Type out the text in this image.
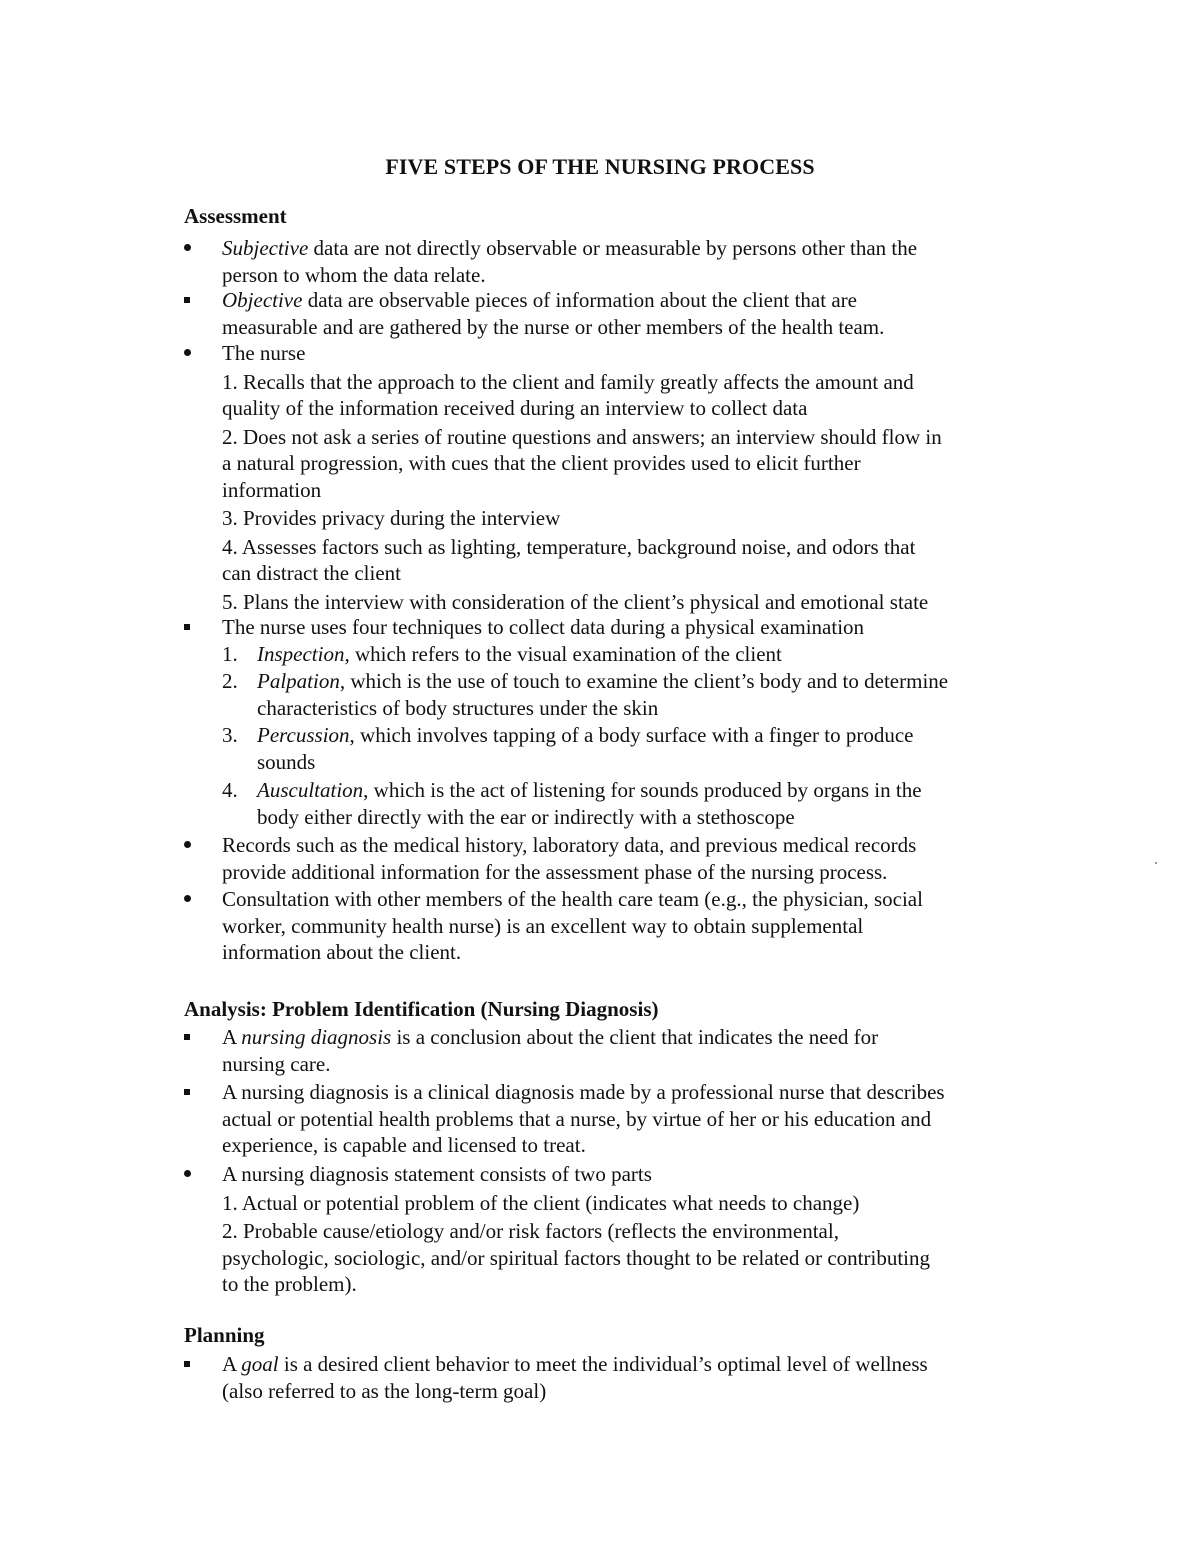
FIVE STEPS OF THE NURSING PROCESS
Assessment
Subjective data are not directly observable or measurable by persons other than the
person to whom the data relate.
Objective data are observable pieces of information about the client that are
measurable and are gathered by the nurse or other members of the health team.
The nurse
1. Recalls that the approach to the client and family greatly affects the amount and
quality of the information received during an interview to collect data
2. Does not ask a series of routine questions and answers; an interview should flow in
a natural progression, with cues that the client provides used to elicit further
information
3. Provides privacy during the interview
4. Assesses factors such as lighting, temperature, background noise, and odors that
can distract the client
5. Plans the interview with consideration of the client’s physical and emotional state
The nurse uses four techniques to collect data during a physical examination
1. Inspection, which refers to the visual examination of the client
2. Palpation, which is the use of touch to examine the client’s body and to determine
characteristics of body structures under the skin
3. Percussion, which involves tapping of a body surface with a finger to produce
sounds
4. Auscultation, which is the act of listening for sounds produced by organs in the
body either directly with the ear or indirectly with a stethoscope
Records such as the medical history, laboratory data, and previous medical records
provide additional information for the assessment phase of the nursing process.
Consultation with other members of the health care team (e.g., the physician, social
worker, community health nurse) is an excellent way to obtain supplemental
information about the client.
Analysis: Problem Identification (Nursing Diagnosis)
A nursing diagnosis is a conclusion about the client that indicates the need for
nursing care.
A nursing diagnosis is a clinical diagnosis made by a professional nurse that describes
actual or potential health problems that a nurse, by virtue of her or his education and
experience, is capable and licensed to treat.
A nursing diagnosis statement consists of two parts
1. Actual or potential problem of the client (indicates what needs to change)
2. Probable cause/etiology and/or risk factors (reflects the environmental,
psychologic, sociologic, and/or spiritual factors thought to be related or contributing
to the problem).
Planning
A goal is a desired client behavior to meet the individual’s optimal level of wellness
(also referred to as the long-term goal)
